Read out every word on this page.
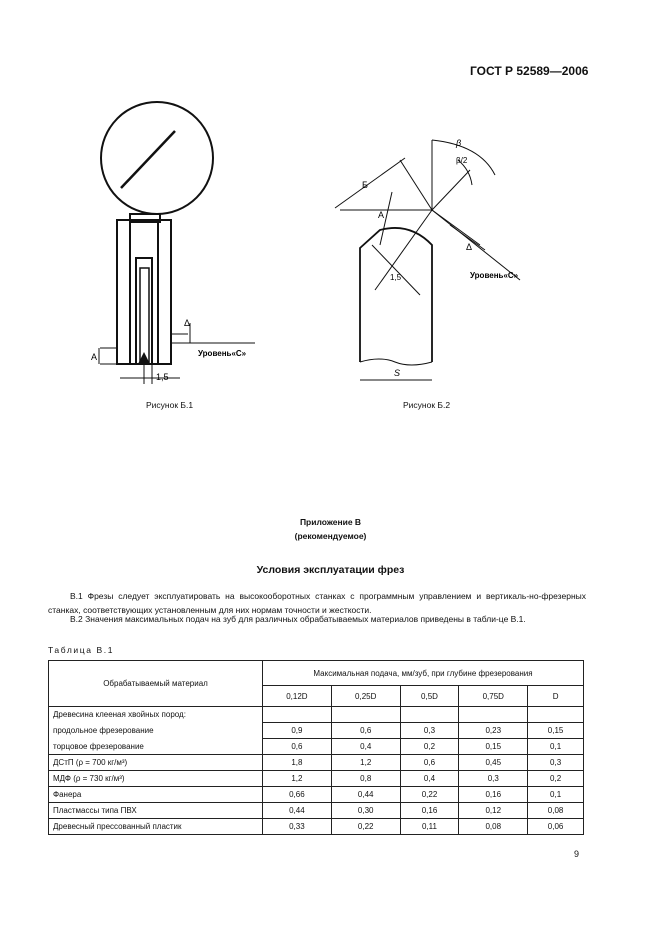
ГОСТ Р 52589—2006
Уровень«C»
Δ
А
1,5
β
β/2
Б
А
Δ
1,5	Уровень«C»
S
Рисунок Б.1	Рисунок Б.2
Приложение В
(рекомендуемое)
Условия эксплуатации фрез
В.1 Фрезы следует эксплуатировать на высокооборотных станках с программным управлением и вертикаль-но-фрезерных станках, соответствующих установленным для них нормам точности и жесткости.
В.2 Значения максимальных подач на зуб для различных обрабатываемых материалов приведены в табли-це В.1.
Таблица В.1
Обрабатываемый материал	Максимальная подача, мм/зуб, при глубине фрезерования				
	0,12D	0,25D	0,5D	0,75D	D
Древесина клееная хвойных пород:					
продольное фрезерование	0,9	0,6	0,3	0,23	0,15
торцовое фрезерование	0,6	0,4	0,2	0,15	0,1
ДСтП (ρ = 700 кг/м³)	1,8	1,2	0,6	0,45	0,3
МДФ (ρ = 730 кг/м³)	1,2	0,8	0,4	0,3	0,2
Фанера	0,66	0,44	0,22	0,16	0,1
Пластмассы типа ПВХ	0,44	0,30	0,16	0,12	0,08
Древесный прессованный пластик	0,33	0,22	0,11	0,08	0,06
9
